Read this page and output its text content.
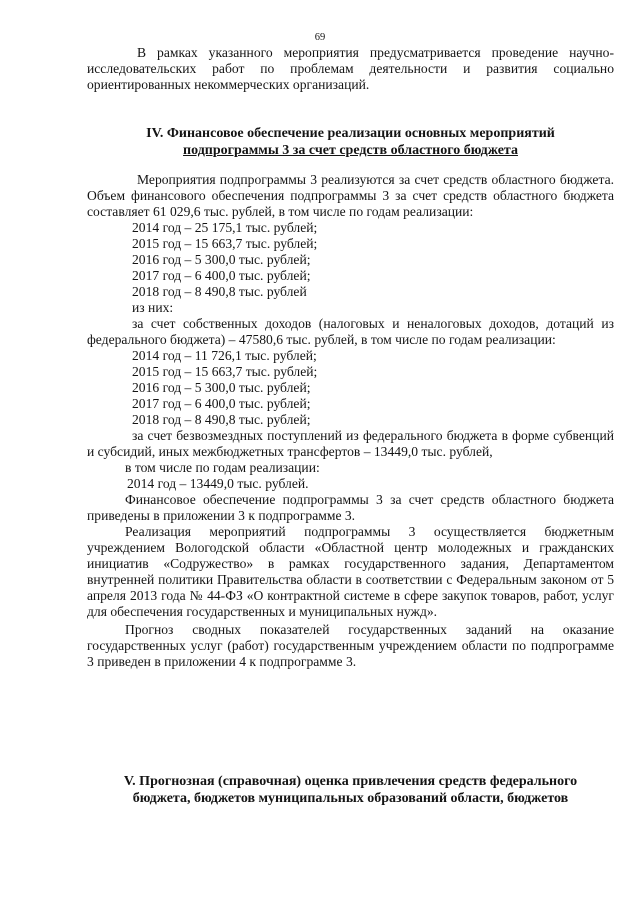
69

В рамках указанного мероприятия предусматривается проведение научно-исследовательских работ по проблемам деятельности и развития социально ориентированных некоммерческих организаций.

IV. Финансовое обеспечение реализации основных мероприятий
подпрограммы 3 за счет средств областного бюджета

Мероприятия подпрограммы 3 реализуются за счет средств областного бюджета. Объем финансового обеспечения подпрограммы 3 за счет средств областного бюджета составляет 61 029,6 тыс. рублей, в том числе по годам реализации:

2014 год – 25 175,1 тыс. рублей;
2015 год – 15 663,7 тыс. рублей;
2016 год – 5 300,0 тыс. рублей;
2017 год – 6 400,0 тыс. рублей;
2018 год – 8 490,8 тыс. рублей
из них:

за счет собственных доходов (налоговых и неналоговых доходов, дотаций из федерального бюджета) – 47580,6 тыс. рублей, в том числе по годам реализации:

2014 год – 11 726,1 тыс. рублей;
2015 год – 15 663,7 тыс. рублей;
2016 год – 5 300,0 тыс. рублей;
2017 год – 6 400,0 тыс. рублей;
2018 год – 8 490,8 тыс. рублей;

за счет безвозмездных поступлений из федерального бюджета в форме субвенций и субсидий, иных межбюджетных трансфертов – 13449,0 тыс. рублей,

в том числе по годам реализации:
2014 год – 13449,0 тыс. рублей.

Финансовое обеспечение подпрограммы 3 за счет средств областного бюджета приведены в приложении 3 к подпрограмме 3.

Реализация мероприятий подпрограммы 3 осуществляется бюджетным учреждением Вологодской области «Областной центр молодежных и гражданских инициатив «Содружество» в рамках государственного задания, Департаментом внутренней политики Правительства области в соответствии с Федеральным законом от 5 апреля 2013 года № 44-ФЗ «О контрактной системе в сфере закупок товаров, работ, услуг для обеспечения государственных и муниципальных нужд».

Прогноз сводных показателей государственных заданий на оказание государственных услуг (работ) государственным учреждением области по подпрограмме 3 приведен в приложении 4 к подпрограмме 3.

V. Прогнозная (справочная) оценка привлечения средств федерального
бюджета, бюджетов муниципальных образований области, бюджетов
